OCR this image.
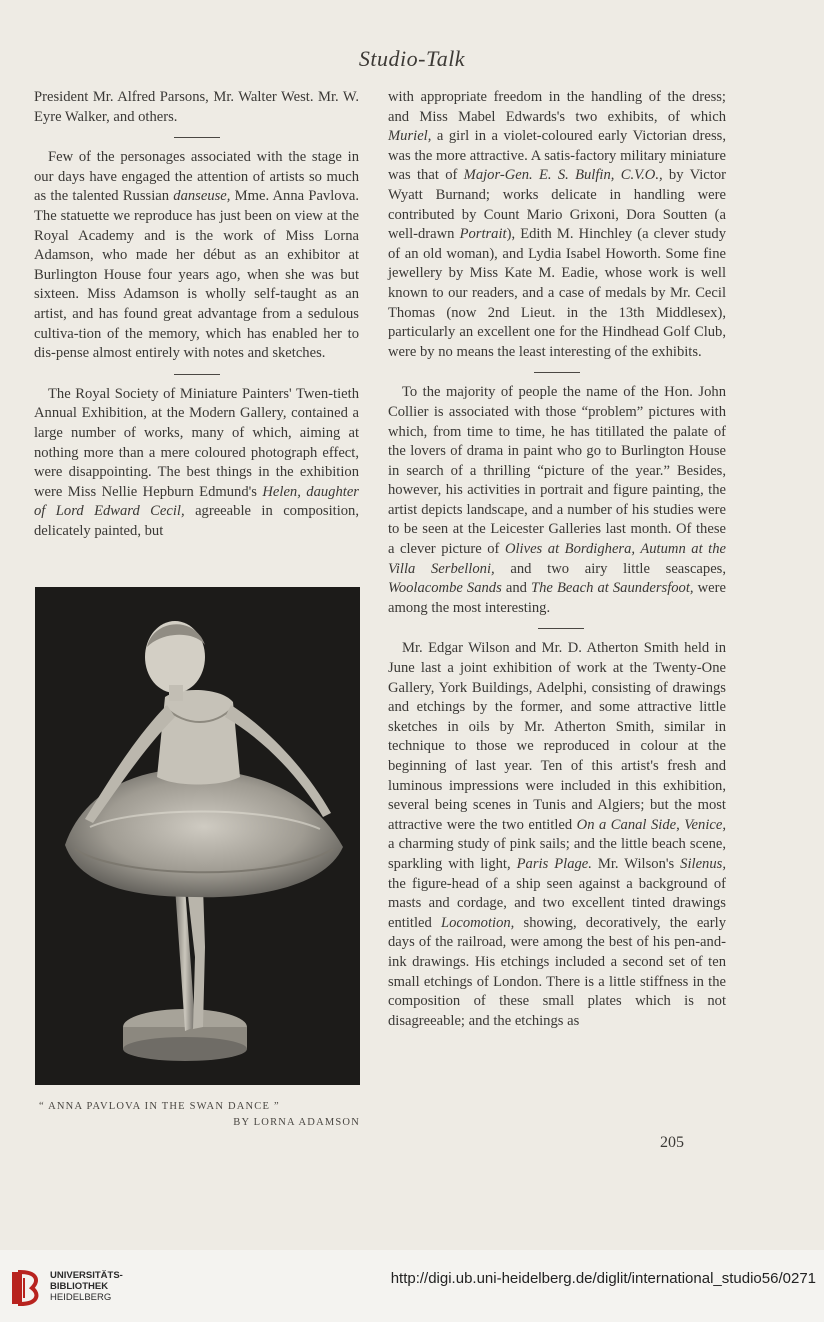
Studio-Talk

President Mr. Alfred Parsons, Mr. Walter West. Mr. W. Eyre Walker, and others.

Few of the personages associated with the stage in our days have engaged the attention of artists so much as the talented Russian danseuse, Mme. Anna Pavlova. The statuette we reproduce has just been on view at the Royal Academy and is the work of Miss Lorna Adamson, who made her début as an exhibitor at Burlington House four years ago, when she was but sixteen. Miss Adamson is wholly self-taught as an artist, and has found great advantage from a sedulous cultiva-tion of the memory, which has enabled her to dis-pense almost entirely with notes and sketches.

The Royal Society of Miniature Painters' Twen-tieth Annual Exhibition, at the Modern Gallery, contained a large number of works, many of which, aiming at nothing more than a mere coloured photograph effect, were disappointing. The best things in the exhibition were Miss Nellie Hepburn Edmund's Helen, daughter of Lord Edward Cecil, agreeable in composition, delicately painted, but

“ ANNA PAVLOVA IN THE SWAN DANCE ”
BY LORNA ADAMSON

with appropriate freedom in the handling of the dress; and Miss Mabel Edwards's two exhibits, of which Muriel, a girl in a violet-coloured early Victorian dress, was the more attractive. A satis-factory military miniature was that of Major-Gen. E. S. Bulfin, C.V.O., by Victor Wyatt Burnand; works delicate in handling were contributed by Count Mario Grixoni, Dora Soutten (a well-drawn Portrait), Edith M. Hinchley (a clever study of an old woman), and Lydia Isabel Howorth. Some fine jewellery by Miss Kate M. Eadie, whose work is well known to our readers, and a case of medals by Mr. Cecil Thomas (now 2nd Lieut. in the 13th Middlesex), particularly an excellent one for the Hindhead Golf Club, were by no means the least interesting of the exhibits.

To the majority of people the name of the Hon. John Collier is associated with those “problem” pictures with which, from time to time, he has titillated the palate of the lovers of drama in paint who go to Burlington House in search of a thrilling “picture of the year.” Besides, however, his activities in portrait and figure painting, the artist depicts landscape, and a number of his studies were to be seen at the Leicester Galleries last month. Of these a clever picture of Olives at Bordighera, Autumn at the Villa Serbelloni, and two airy little seascapes, Woolacombe Sands and The Beach at Saundersfoot, were among the most interesting.

Mr. Edgar Wilson and Mr. D. Atherton Smith held in June last a joint exhibition of work at the Twenty-One Gallery, York Buildings, Adelphi, consisting of drawings and etchings by the former, and some attractive little sketches in oils by Mr. Atherton Smith, similar in technique to those we reproduced in colour at the beginning of last year. Ten of this artist's fresh and luminous impressions were included in this exhibition, several being scenes in Tunis and Algiers; but the most attractive were the two entitled On a Canal Side, Venice, a charming study of pink sails; and the little beach scene, sparkling with light, Paris Plage. Mr. Wilson's Silenus, the figure-head of a ship seen against a background of masts and cordage, and two excellent tinted drawings entitled Locomotion, showing, decoratively, the early days of the railroad, were among the best of his pen-and-ink drawings. His etchings included a second set of ten small etchings of London. There is a little stiffness in the composition of these small plates which is not disagreeable; and the etchings as

205
UNIVERSITÄTS-
BIBLIOTHEK
HEIDELBERG
http://digi.ub.uni-heidelberg.de/diglit/international_studio56/0271
